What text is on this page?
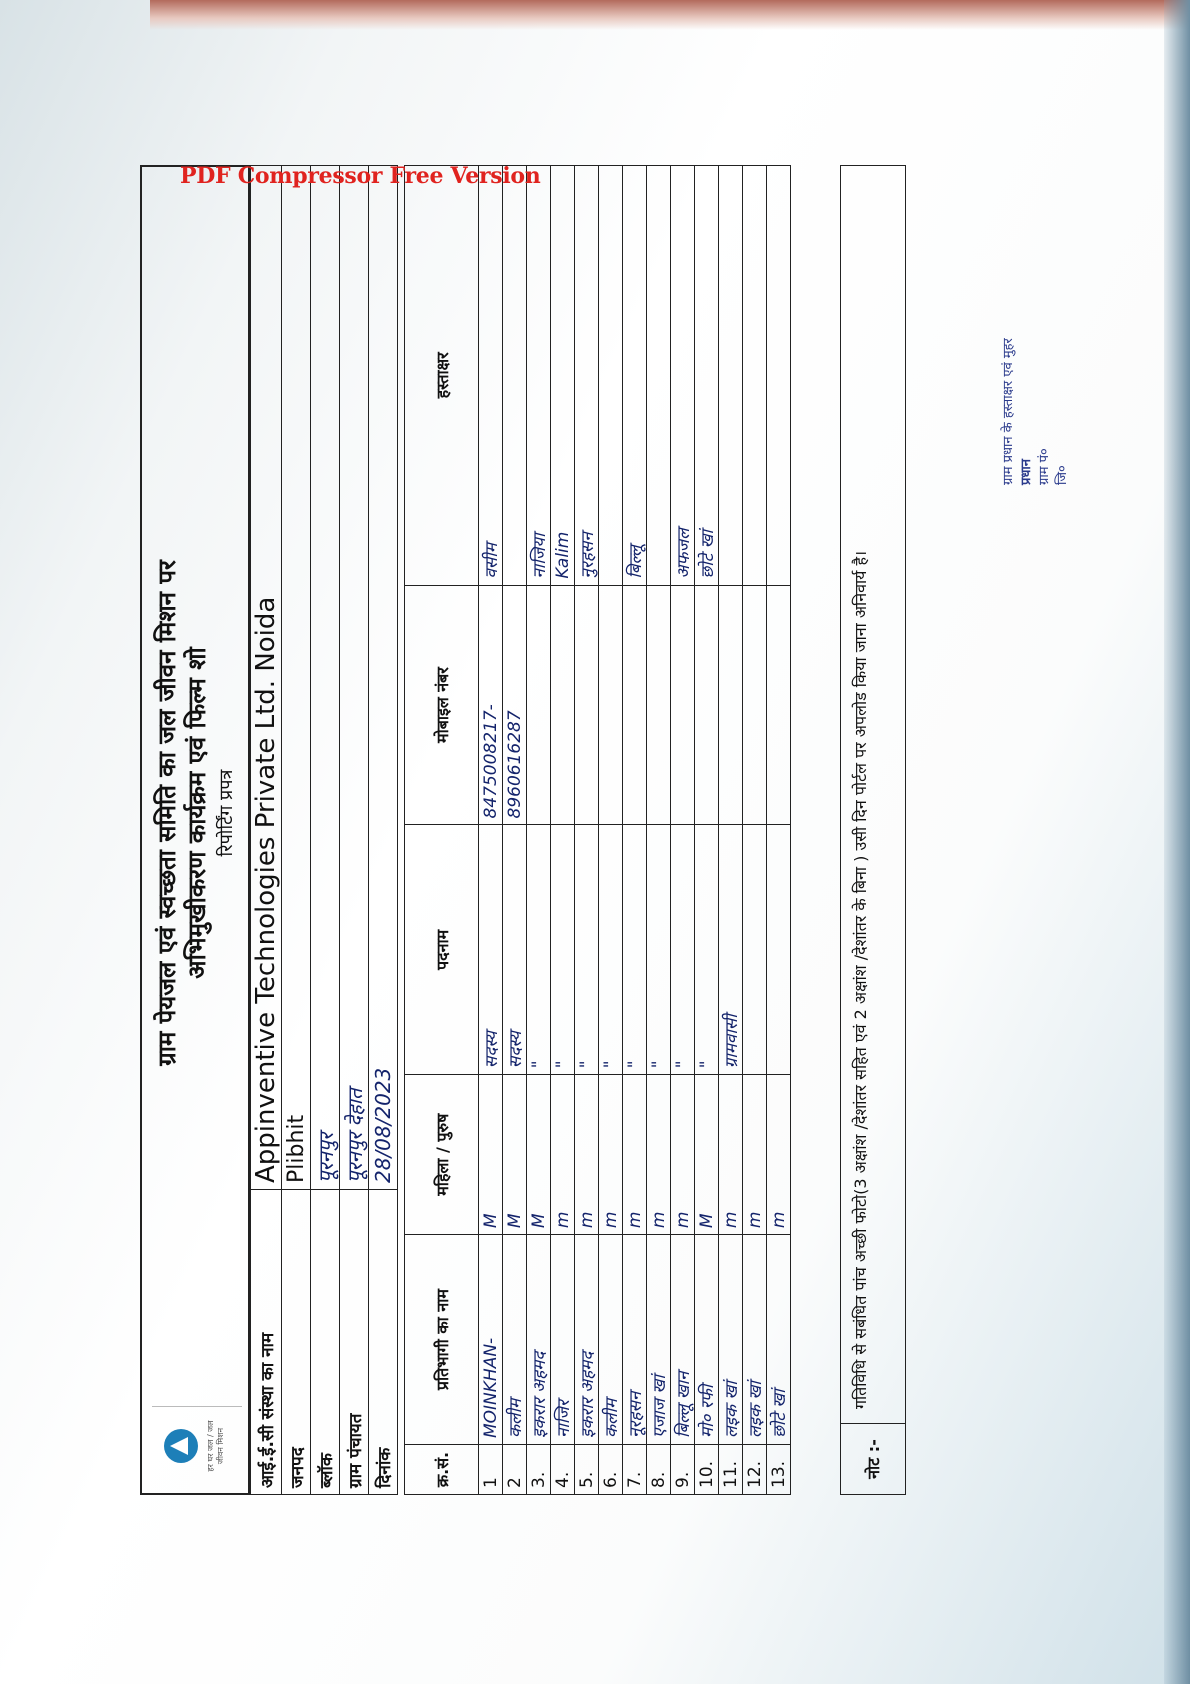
हर घर जल / जल जीवन मिशन
ग्राम पेयजल एवं स्वच्छता समिति का जल जीवन मिशन पर अभिमुखीकरण कार्यक्रम एवं फिल्म शो रिपोर्टिंग प्रपत्र
आई.ई.सी संस्था का नाम	Appinventive Technologies Private Ltd. Noida
जनपद	Plibhit
ब्लॉक	पूरनपुर
ग्राम पंचायत	पूरनपुर देहात
दिनांक	28/08/2023
क्र.सं.	प्रतिभागी का नाम	महिला / पुरुष	पदनाम	मोबाइल नंबर	हस्ताक्षर
1	MOINKHAN-	M	सदस्य	8475008217-	वसीम
2	कलीम	M	सदस्य	8960616287	
3.	इकरार अहमद	M	"		नाजिया
4.	नाजिर	m	"		Kalim
5.	इकरार अहमद	m	"		नुरहसन
6.	कलीम	m	"		
7.	नूरहसन	m	"		बिल्लू
8.	एजाज खां	m	"		
9.	बिल्लू खान	m	"		अफजल
10.	मो० रफी	M	"		छोटे खां
11.	लइक खां	m	ग्रामवासी		
12.	लइक खां	m			
13.	छोटे खां	m			
नोट :-
गतिविधि से सबंधित पांच अच्छी फोटो(3 अक्षांश /देशांतर सहित एवं 2 अक्षांश /देशांतर के बिना ) उसी दिन पोर्टल पर अपलोड किया जाना अनिवार्य है।
PDF Compressor Free Version
ग्राम प्रधान के हस्ताक्षर एवं मुहर प्रधान ग्राम पं० जि०
